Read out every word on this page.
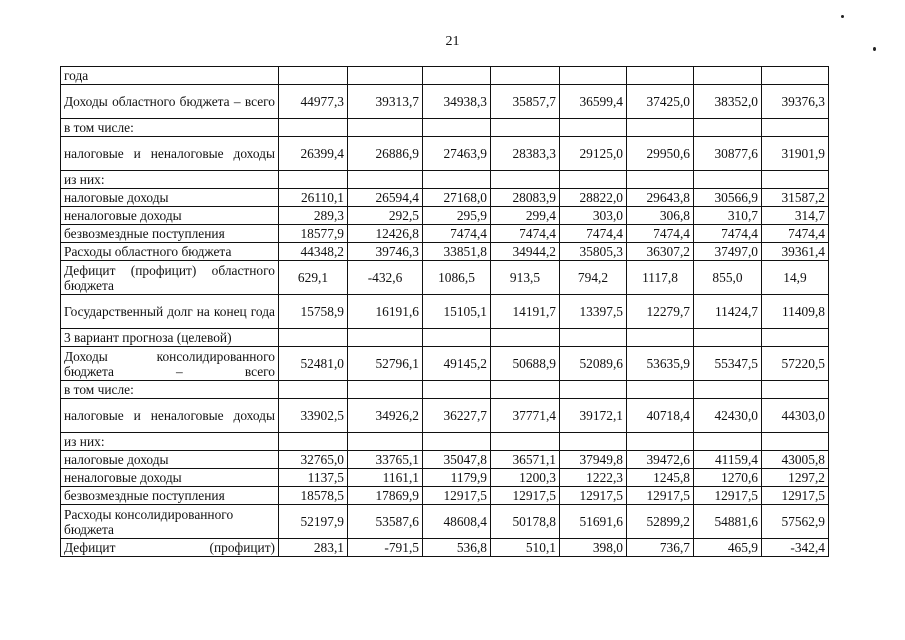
21
года								
Доходы областного бюджета – всего	44977,3	39313,7	34938,3	35857,7	36599,4	37425,0	38352,0	39376,3
в том числе:								
налоговые и неналоговые доходы	26399,4	26886,9	27463,9	28383,3	29125,0	29950,6	30877,6	31901,9
из них:								
налоговые доходы	26110,1	26594,4	27168,0	28083,9	28822,0	29643,8	30566,9	31587,2
неналоговые доходы	289,3	292,5	295,9	299,4	303,0	306,8	310,7	314,7
безвозмездные поступления	18577,9	12426,8	7474,4	7474,4	7474,4	7474,4	7474,4	7474,4
Расходы областного бюджета	44348,2	39746,3	33851,8	34944,2	35805,3	36307,2	37497,0	39361,4
Дефицит (профицит) областного бюджета	629,1	-432,6	1086,5	913,5	794,2	1117,8	855,0	14,9
Государственный долг на конец года	15758,9	16191,6	15105,1	14191,7	13397,5	12279,7	11424,7	11409,8
3 вариант прогноза (целевой)								
Доходы консолидированного бюджета – всего	52481,0	52796,1	49145,2	50688,9	52089,6	53635,9	55347,5	57220,5
в том числе:								
налоговые и неналоговые доходы	33902,5	34926,2	36227,7	37771,4	39172,1	40718,4	42430,0	44303,0
из них:								
налоговые доходы	32765,0	33765,1	35047,8	36571,1	37949,8	39472,6	41159,4	43005,8
неналоговые доходы	1137,5	1161,1	1179,9	1200,3	1222,3	1245,8	1270,6	1297,2
безвозмездные поступления	18578,5	17869,9	12917,5	12917,5	12917,5	12917,5	12917,5	12917,5
Расходы консолидированного бюджета	52197,9	53587,6	48608,4	50178,8	51691,6	52899,2	54881,6	57562,9
Дефицит (профицит)	283,1	-791,5	536,8	510,1	398,0	736,7	465,9	-342,4
